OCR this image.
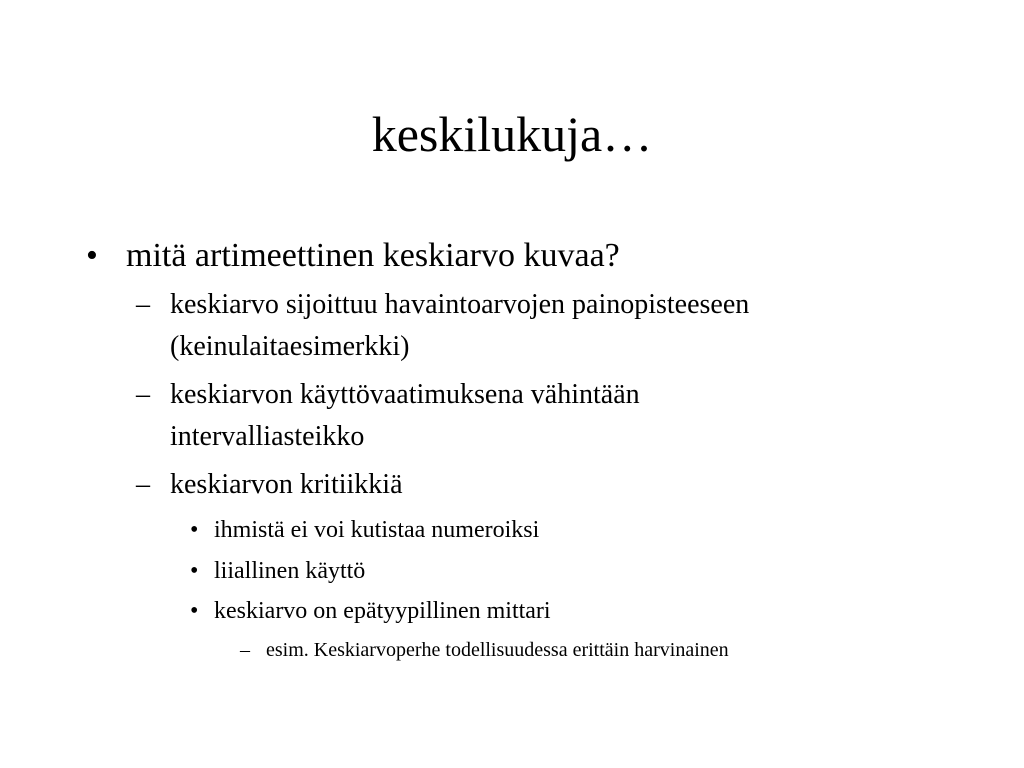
keskilukuja…
• mitä artimeettinen keskiarvo kuvaa?
– keskiarvo sijoittuu havaintoarvojen painopisteeseen
(keinulaitaesimerkki)
– keskiarvon käyttövaatimuksena vähintään
intervalliasteikko
– keskiarvon kritiikkiä
• ihmistä ei voi kutistaa numeroiksi
• liiallinen käyttö
• keskiarvo on epätyypillinen mittari
– esim. Keskiarvoperhe todellisuudessa erittäin harvinainen
